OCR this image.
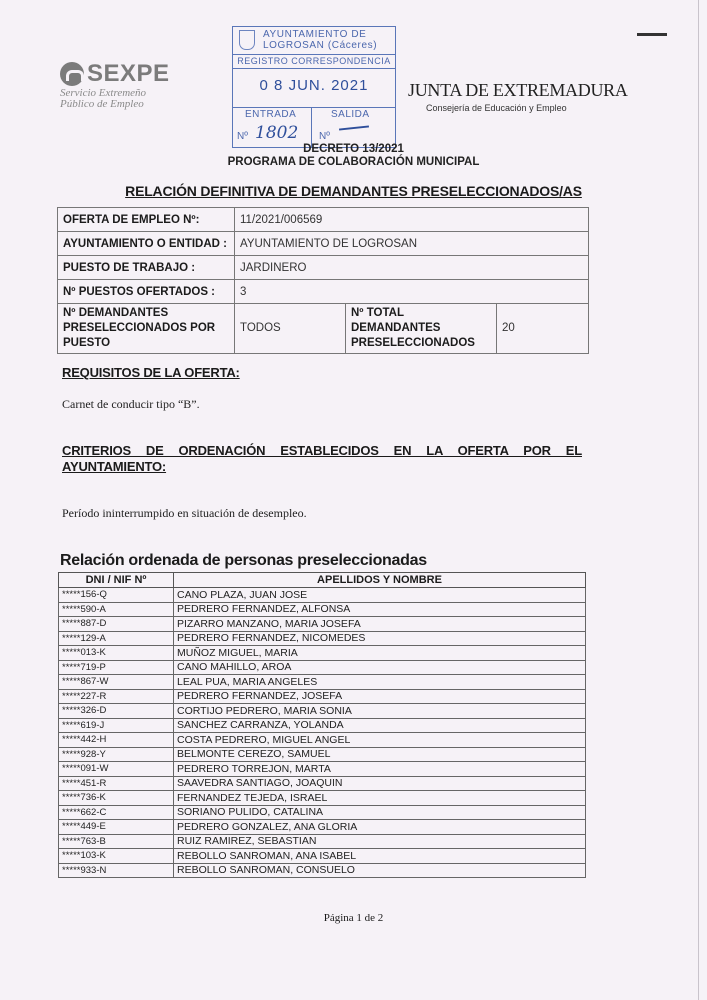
SEXPE
Servicio Extremeño
Público de Empleo
JUNTA DE EXTREMADURA
Consejería de Educación y Empleo
AYUNTAMIENTO DE
LOGROSAN (Cáceres)
REGISTRO CORRESPONDENCIA
0 8 JUN. 2021
ENTRADA	SALIDA
Nº 1802 Nº
DECRETO 13/2021
PROGRAMA DE COLABORACIÓN MUNICIPAL
RELACIÓN DEFINITIVA DE DEMANDANTES PRESELECCIONADOS/AS
OFERTA DE EMPLEO Nº:	11/2021/006569		
AYUNTAMIENTO O ENTIDAD :	AYUNTAMIENTO DE LOGROSAN		
PUESTO DE TRABAJO :	JARDINERO		
Nº PUESTOS OFERTADOS :	3		
Nº DEMANDANTES PRESELECCIONADOS POR PUESTO	TODOS	Nº TOTAL DEMANDANTES PRESELECCIONADOS	20
REQUISITOS DE LA OFERTA:
Carnet de conducir tipo “B”.
CRITERIOS DE ORDENACIÓN ESTABLECIDOS EN LA OFERTA POR EL AYUNTAMIENTO:
Período ininterrumpido en situación de desempleo.
Relación ordenada de personas preseleccionadas
DNI / NIF Nº	APELLIDOS Y NOMBRE
*****156-Q	CANO PLAZA, JUAN JOSE
*****590-A	PEDRERO FERNANDEZ, ALFONSA
*****887-D	PIZARRO MANZANO, MARIA JOSEFA
*****129-A	PEDRERO FERNANDEZ, NICOMEDES
*****013-K	MUÑOZ MIGUEL, MARIA
*****719-P	CANO MAHILLO, AROA
*****867-W	LEAL PUA, MARIA ANGELES
*****227-R	PEDRERO FERNANDEZ, JOSEFA
*****326-D	CORTIJO PEDRERO, MARIA SONIA
*****619-J	SANCHEZ CARRANZA, YOLANDA
*****442-H	COSTA PEDRERO, MIGUEL ANGEL
*****928-Y	BELMONTE CEREZO, SAMUEL
*****091-W	PEDRERO TORREJON, MARTA
*****451-R	SAAVEDRA SANTIAGO, JOAQUIN
*****736-K	FERNANDEZ TEJEDA, ISRAEL
*****662-C	SORIANO PULIDO, CATALINA
*****449-E	PEDRERO GONZALEZ, ANA GLORIA
*****763-B	RUIZ RAMIREZ, SEBASTIAN
*****103-K	REBOLLO SANROMAN, ANA ISABEL
*****933-N	REBOLLO SANROMAN, CONSUELO
Página 1 de 2
